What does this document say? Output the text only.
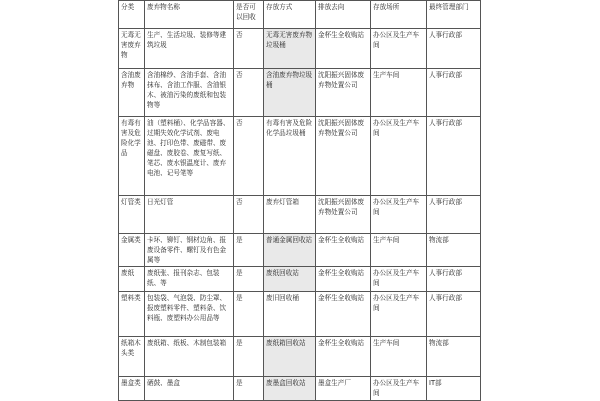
分类	废弃物名称	是否可以回收	存放方式	排放去向	存放场所	最终管理部门
无毒无害废弃物	生产、生活垃圾、装修等建筑垃圾	否	无毒无害废弃物垃圾桶	金杯生全收购站	办公区及生产车间	人事行政部
含油废弃物	含油棉纱、含油手套、含油抹布、含油工作服、含油银木、被油污染的废纸和包装物等	否	含油废弃物垃圾桶	沈阳振兴固体废弃物处置公司	生产车间	人事行政部
有毒有害及危险化学品	油（塑料桶）、化学品容器、过期失效化学试剂、废电池、打印色带、废磁带、废磁盘、废胶卷、废复写纸、笔芯、废水银温度计、废弃电池、记号笔等	否	有毒有害及危险化学品垃圾桶	沈阳振兴固体废弃物处置公司	办公区及生产车间	人事行政部
灯管类	日光灯管	否	废弃灯管箱	沈阳振兴固体废弃物处置公司	办公区及生产车间	人事行政部
金属类	卡环、铆钉、钢材边角、报废设备零件、螺钉及有色金属等	是	普通金属回收站	金杯生全收购站	生产车间	物流部
废纸	废纸张、报刊杂志、包装纸、等	是	废纸回收站	金杯生全收购站	办公区及生产车间	人事行政部
塑料类	包装袋、气泡袋、防尘罩、报废塑料零件、塑料条、饮料瓶、废塑料办公用品等	是	废旧回收桶	金杯生全收购站	办公区及生产车间	人事行政部
纸箱木头类	废纸箱、纸板、木制包装箱	是	废纸箱回收站	金杯生全收购站	生产车间	物流部
墨盒类	硒鼓、墨盒	是	废墨盒回收站	墨盒生产厂	办公区及生产车间	IT部
